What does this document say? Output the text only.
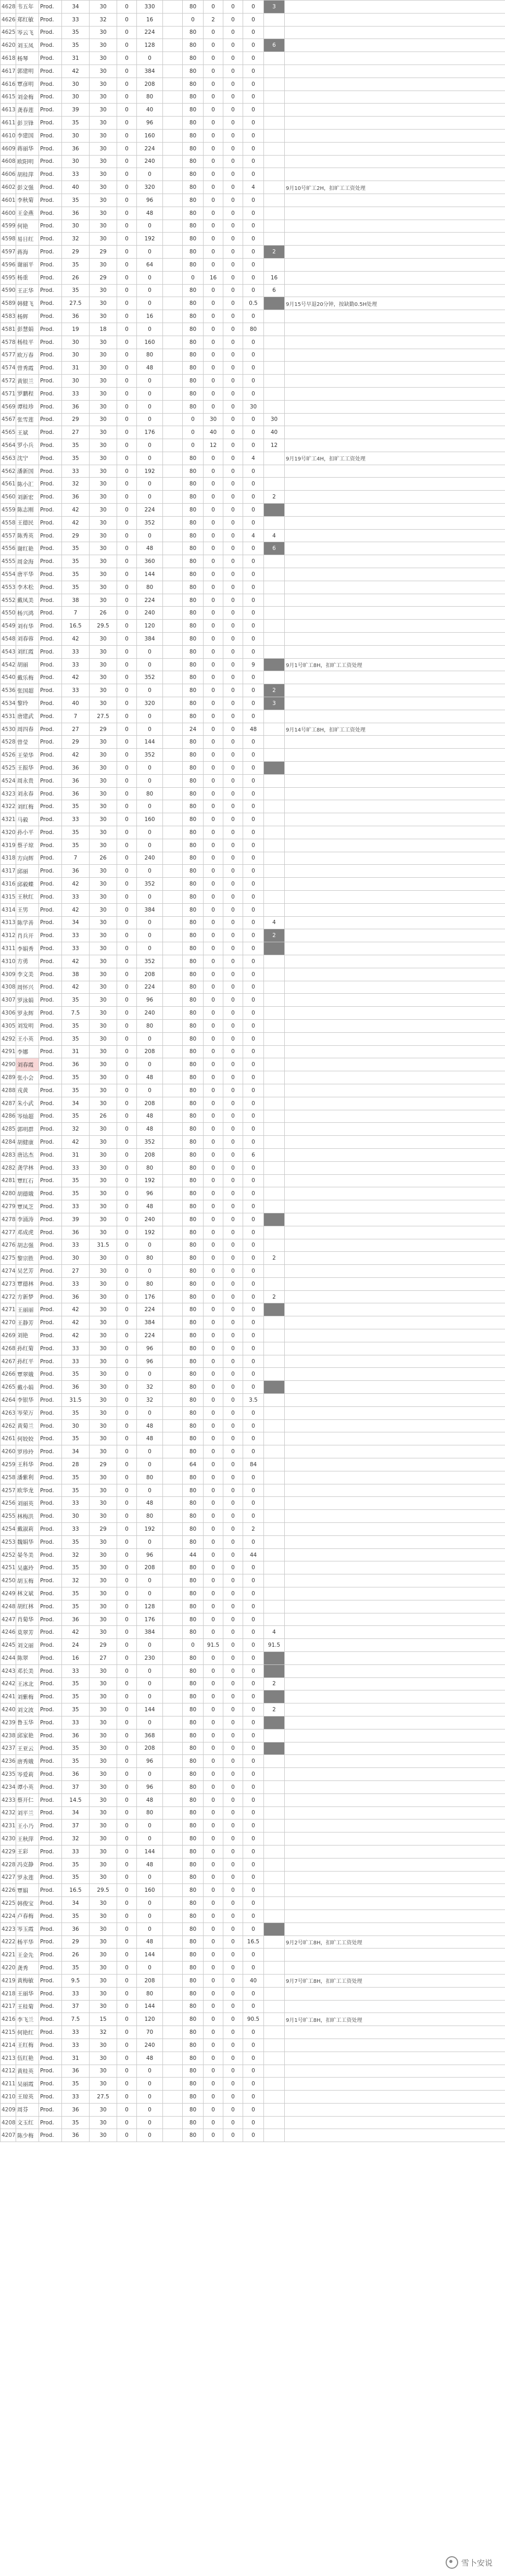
4628	韦五年	Prod.	34	30	0	330		80	0	0	0	3	
4626	郑红敏	Prod.	33	32	0	16		0	2	0	0		
4625	岑云飞	Prod.	35	30	0	224		80	0	0	0		
4620	刘玉凤	Prod.	35	30	0	128		80	0	0	0	6	
4618	杨琴	Prod.	31	30	0	0		80	0	0	0		
4617	郭建明	Prod.	42	30	0	384		80	0	0	0		
4616	覃彦明	Prod.	30	30	0	208		80	0	0	0		
4615	刘金梅	Prod.	30	30	0	80		80	0	0	0		
4613	龚春莲	Prod.	39	30	0	40		80	0	0	0		
4611	彭卫锋	Prod.	35	30	0	96		80	0	0	0		
4610	李建国	Prod.	30	30	0	160		80	0	0	0		
4609	蒋丽华	Prod.	36	30	0	224		80	0	0	0		
4608	欧阳明	Prod.	30	30	0	240		80	0	0	0		
4606	胡桂萍	Prod.	33	30	0	0		80	0	0	0		
4602	彭文强	Prod.	40	30	0	320		80	0	0	4		9月10号旷工2H，扣旷工工资处理
4601	李秋菊	Prod.	35	30	0	96		80	0	0	0		
4600	王金燕	Prod.	36	30	0	48		80	0	0	0		
4599	何艳	Prod.	30	30	0	0		80	0	0	0		
4598	易日红	Prod.	32	30	0	192		80	0	0	0		
4597	蒋海	Prod.	29	29	0	0		80	0	0	0	2	
4596	谢丽平	Prod.	35	30	0	64		80	0	0	0		
4595	杨重	Prod.	26	29	0	0		0	16	0	0	16	
4590	王正华	Prod.	35	30	0	0		80	0	0	0	6	
4589	韩健飞	Prod.	27.5	30	0	0		80	0	0	0.5		9月15号早退20分钟，按缺勤0.5H处理
4583	杨辉	Prod.	36	30	0	16		80	0	0	0		
4581	彭慧娟	Prod.	19	18	0	0		80	0	0	80		
4578	杨桂平	Prod.	30	30	0	160		80	0	0	0		
4577	欧万春	Prod.	30	30	0	80		80	0	0	0		
4574	曾秀霞	Prod.	31	30	0	48		80	0	0	0		
4572	黄银兰	Prod.	30	30	0	0		80	0	0	0		
4571	罗鹏程	Prod.	33	30	0	0		80	0	0	0		
4569	谭桂珍	Prod.	36	30	0	0		80	0	0	30		
4567	张雪莲	Prod.	29	30	0	0		0	30	0	0	30	
4565	王斌	Prod.	27	30	0	176		0	40	0	0	40	
4564	罗小兵	Prod.	35	30	0	0		0	12	0	0	12	
4563	沈宁	Prod.	35	30	0	0		80	0	0	4		9月19号旷工4H，扣旷工工资处理
4562	潘新国	Prod.	33	30	0	192		80	0	0	0		
4561	陈小汇	Prod.	32	30	0	0		80	0	0	0		
4560	刘新宏	Prod.	36	30	0	0		80	0	0	0	2	
4559	陈志刚	Prod.	42	30	0	224		80	0	0	0		
4558	王德民	Prod.	42	30	0	352		80	0	0	0		
4557	陈秀英	Prod.	29	30	0	0		80	0	0	4	4	
4556	谢红艳	Prod.	35	30	0	48		80	0	0	0	6	
4555	周金海	Prod.	35	30	0	360		80	0	0	0		
4554	唐平华	Prod.	35	30	0	144		80	0	0	0		
4553	李木松	Prod.	35	30	0	80		80	0	0	0		
4552	戴凤美	Prod.	38	30	0	224		80	0	0	0		
4550	杨兴鸿	Prod.	7	26	0	240		80	0	0	0		
4549	刘有华	Prod.	16.5	29.5	0	120		80	0	0	0		
4548	刘春蓉	Prod.	42	30	0	384		80	0	0	0		
4543	刘红霞	Prod.	33	30	0	0		80	0	0	0		
4542	胡丽	Prod.	33	30	0	0		80	0	0	9		9月1号旷工8H，扣旷工工资处理
4540	戴乐梅	Prod.	42	30	0	352		80	0	0	0		
4536	张国超	Prod.	33	30	0	0		80	0	0	0	2	
4534	黎玲	Prod.	40	30	0	320		80	0	0	0	3	
4531	唐建武	Prod.	7	27.5	0	0		80	0	0	0		
4530	周四春	Prod.	27	29	0	0		24	0	0	48		9月14号旷工8H，扣旷工工资处理
4528	曾莹	Prod.	29	30	0	144		80	0	0	0		
4526	王荣华	Prod.	42	30	0	352		80	0	0	0		
4525	王振华	Prod.	36	30	0	0		80	0	0	0		
4524	周永贵	Prod.	36	30	0	0		80	0	0	0		
4323	刘永春	Prod.	36	30	0	80		80	0	0	0		
4322	刘红梅	Prod.	35	30	0	0		80	0	0	0		
4321	马毅	Prod.	33	30	0	160		80	0	0	0		
4320	孙小平	Prod.	35	30	0	0		80	0	0	0		
4319	蔡子琼	Prod.	35	30	0	0		80	0	0	0		
4318	方向辉	Prod.	7	26	0	240		80	0	0	0		
4317	邱丽	Prod.	36	30	0	0		80	0	0	0		
4316	邱毅蝶	Prod.	42	30	0	352		80	0	0	0		
4315	王秋红	Prod.	33	30	0	0		80	0	0	0		
4314	王男	Prod.	42	30	0	384		80	0	0	0		
4313	陈学善	Prod.	34	30	0	0		80	0	0	0	4	
4312	肖兵开	Prod.	33	30	0	0		80	0	0	0	2	
4311	李娟秀	Prod.	33	30	0	0		80	0	0	0		
4310	方勇	Prod.	42	30	0	352		80	0	0	0		
4309	李文美	Prod.	38	30	0	208		80	0	0	0		
4308	周怀兴	Prod.	42	30	0	224		80	0	0	0		
4307	罗泳娟	Prod.	35	30	0	96		80	0	0	0		
4306	罗永辉	Prod.	7.5	30	0	240		80	0	0	0		
4305	刘发明	Prod.	35	30	0	80		80	0	0	0		
4292	王小英	Prod.	35	30	0	0		80	0	0	0		
4291	李娜	Prod.	31	30	0	208		80	0	0	0		
4290	刘春霞	Prod.	36	30	0	0		80	0	0	0		
4289	张小会	Prod.	35	30	0	48		80	0	0	0		
4288	戎黄	Prod.	35	30	0	0		80	0	0	0		
4287	朱小武	Prod.	34	30	0	208		80	0	0	0		
4286	岑灿超	Prod.	35	26	0	48		80	0	0	0		
4285	郭明群	Prod.	32	30	0	48		80	0	0	0		
4284	胡健康	Prod.	42	30	0	352		80	0	0	0		
4283	唐达杰	Prod.	31	30	0	208		80	0	0	6		
4282	龚学林	Prod.	33	30	0	80		80	0	0	0		
4281	覃红石	Prod.	35	30	0	192		80	0	0	0		
4280	胡德娥	Prod.	35	30	0	96		80	0	0	0		
4279	覃凤芝	Prod.	33	30	0	48		80	0	0	0		
4278	李涌涛	Prod.	39	30	0	240		80	0	0	0		
4277	邓成虎	Prod.	36	30	0	192		80	0	0	0		
4276	胡志强	Prod.	33	31.5	0	0		80	0	0	0		
4275	黎宗胜	Prod.	30	30	0	80		80	0	0	0	2	
4274	吴艺芳	Prod.	27	30	0	0		80	0	0	0		
4273	覃德林	Prod.	33	30	0	80		80	0	0	0		
4272	方新梦	Prod.	36	30	0	176		80	0	0	0	2	
4271	王丽丽	Prod.	42	30	0	224		80	0	0	0		
4270	王静芳	Prod.	42	30	0	384		80	0	0	0		
4269	刘艳	Prod.	42	30	0	224		80	0	0	0		
4268	孙红菊	Prod.	33	30	0	96		80	0	0	0		
4267	孙红平	Prod.	33	30	0	96		80	0	0	0		
4266	覃翠娥	Prod.	35	30	0	0		80	0	0	0		
4265	戴小娟	Prod.	36	30	0	32		80	0	0	0		
4264	李银华	Prod.	31.5	30	0	32		80	0	0	3.5		
4263	岑荣万	Prod.	35	30	0	0		80	0	0	0		
4262	黄菊兰	Prod.	30	30	0	48		80	0	0	0		
4261	何姣姣	Prod.	35	30	0	48		80	0	0	0		
4260	罗珍玲	Prod.	34	30	0	0		80	0	0	0		
4259	王科华	Prod.	28	29	0	0		64	0	0	84		
4258	潘紫利	Prod.	35	30	0	80		80	0	0	0		
4257	欧华龙	Prod.	35	30	0	0		80	0	0	0		
4256	刘丽英	Prod.	33	30	0	48		80	0	0	0		
4255	林梅洪	Prod.	30	30	0	80		80	0	0	0		
4254	戴淑莉	Prod.	33	29	0	192		80	0	0	2		
4253	魏娟华	Prod.	35	30	0	0		80	0	0	0		
4252	晏冬美	Prod.	32	30	0	96		44	0	0	44		
4251	吴惠玲	Prod.	35	30	0	208		80	0	0	0		
4250	胡玉梅	Prod.	32	30	0	0		80	0	0	0		
4249	林文斌	Prod.	35	30	0	0		80	0	0	0		
4248	胡红林	Prod.	35	30	0	128		80	0	0	0		
4247	肖菊华	Prod.	36	30	0	176		80	0	0	0		
4246	莫翠芳	Prod.	42	30	0	384		80	0	0	0	4	
4245	刘文丽	Prod.	24	29	0	0		0	91.5	0	0	91.5	
4244	陈翠	Prod.	16	27	0	230		80	0	0	0		
4243	邓长美	Prod.	33	30	0	0		80	0	0	0		
4242	王冰北	Prod.	35	30	0	0		80	0	0	0	2	
4241	刘紫梅	Prod.	35	30	0	0		80	0	0	0		
4240	刘文波	Prod.	35	30	0	144		80	0	0	0	2	
4239	鲁玉华	Prod.	33	30	0	0		80	0	0	0		
4238	邱家艳	Prod.	36	30	0	368		80	0	0	0		
4237	王亚云	Prod.	35	30	0	208		80	0	0	0		
4236	唐秀娥	Prod.	35	30	0	96		80	0	0	0		
4235	岑爱莉	Prod.	36	30	0	0		80	0	0	0		
4234	谭小英	Prod.	37	30	0	96		80	0	0	0		
4233	蔡开仁	Prod.	14.5	30	0	48		80	0	0	0		
4232	刘平兰	Prod.	34	30	0	80		80	0	0	0		
4231	王小乃	Prod.	37	30	0	0		80	0	0	0		
4230	王秋萍	Prod.	32	30	0	0		80	0	0	0		
4229	王彩	Prod.	33	30	0	144		80	0	0	0		
4228	冯克静	Prod.	35	30	0	48		80	0	0	0		
4227	罗永莲	Prod.	35	30	0	0		80	0	0	0		
4226	覃娟	Prod.	16.5	29.5	0	160		80	0	0	0		
4225	韩俊宝	Prod.	34	30	0	0		80	0	0	0		
4224	卢春梅	Prod.	35	30	0	0		80	0	0	0		
4223	岑玉霞	Prod.	36	30	0	0		80	0	0	0		
4222	杨平华	Prod.	29	30	0	48		80	0	0	16.5		9月2号旷工8H，扣旷工工资处理
4221	王金先	Prod.	26	30	0	144		80	0	0	0		
4220	龚秀	Prod.	35	30	0	0		80	0	0	0		
4219	黄梅敏	Prod.	9.5	30	0	208		80	0	0	40		9月7号旷工8H，扣旷工工资处理
4218	王丽华	Prod.	33	30	0	80		80	0	0	0		
4217	王桂菊	Prod.	37	30	0	144		80	0	0	0		
4216	李飞兰	Prod.	7.5	15	0	120		80	0	0	90.5		9月1号旷工8H，扣旷工工资处理
4215	何艳红	Prod.	33	32	0	70		80	0	0	0		
4214	王红梅	Prod.	33	30	0	240		80	0	0	0		
4213	伍红艳	Prod.	31	30	0	48		80	0	0	0		
4212	黄桂英	Prod.	36	30	0	0		80	0	0	0		
4211	吴丽霞	Prod.	35	30	0	0		80	0	0	0		
4210	王琼英	Prod.	33	27.5	0	0		80	0	0	0		
4209	周芬	Prod.	36	30	0	0		80	0	0	0		
4208	文玉红	Prod.	35	30	0	0		80	0	0	0		
4207	陈少梅	Prod.	36	30	0	0		80	0	0	0		
雪卜安说
